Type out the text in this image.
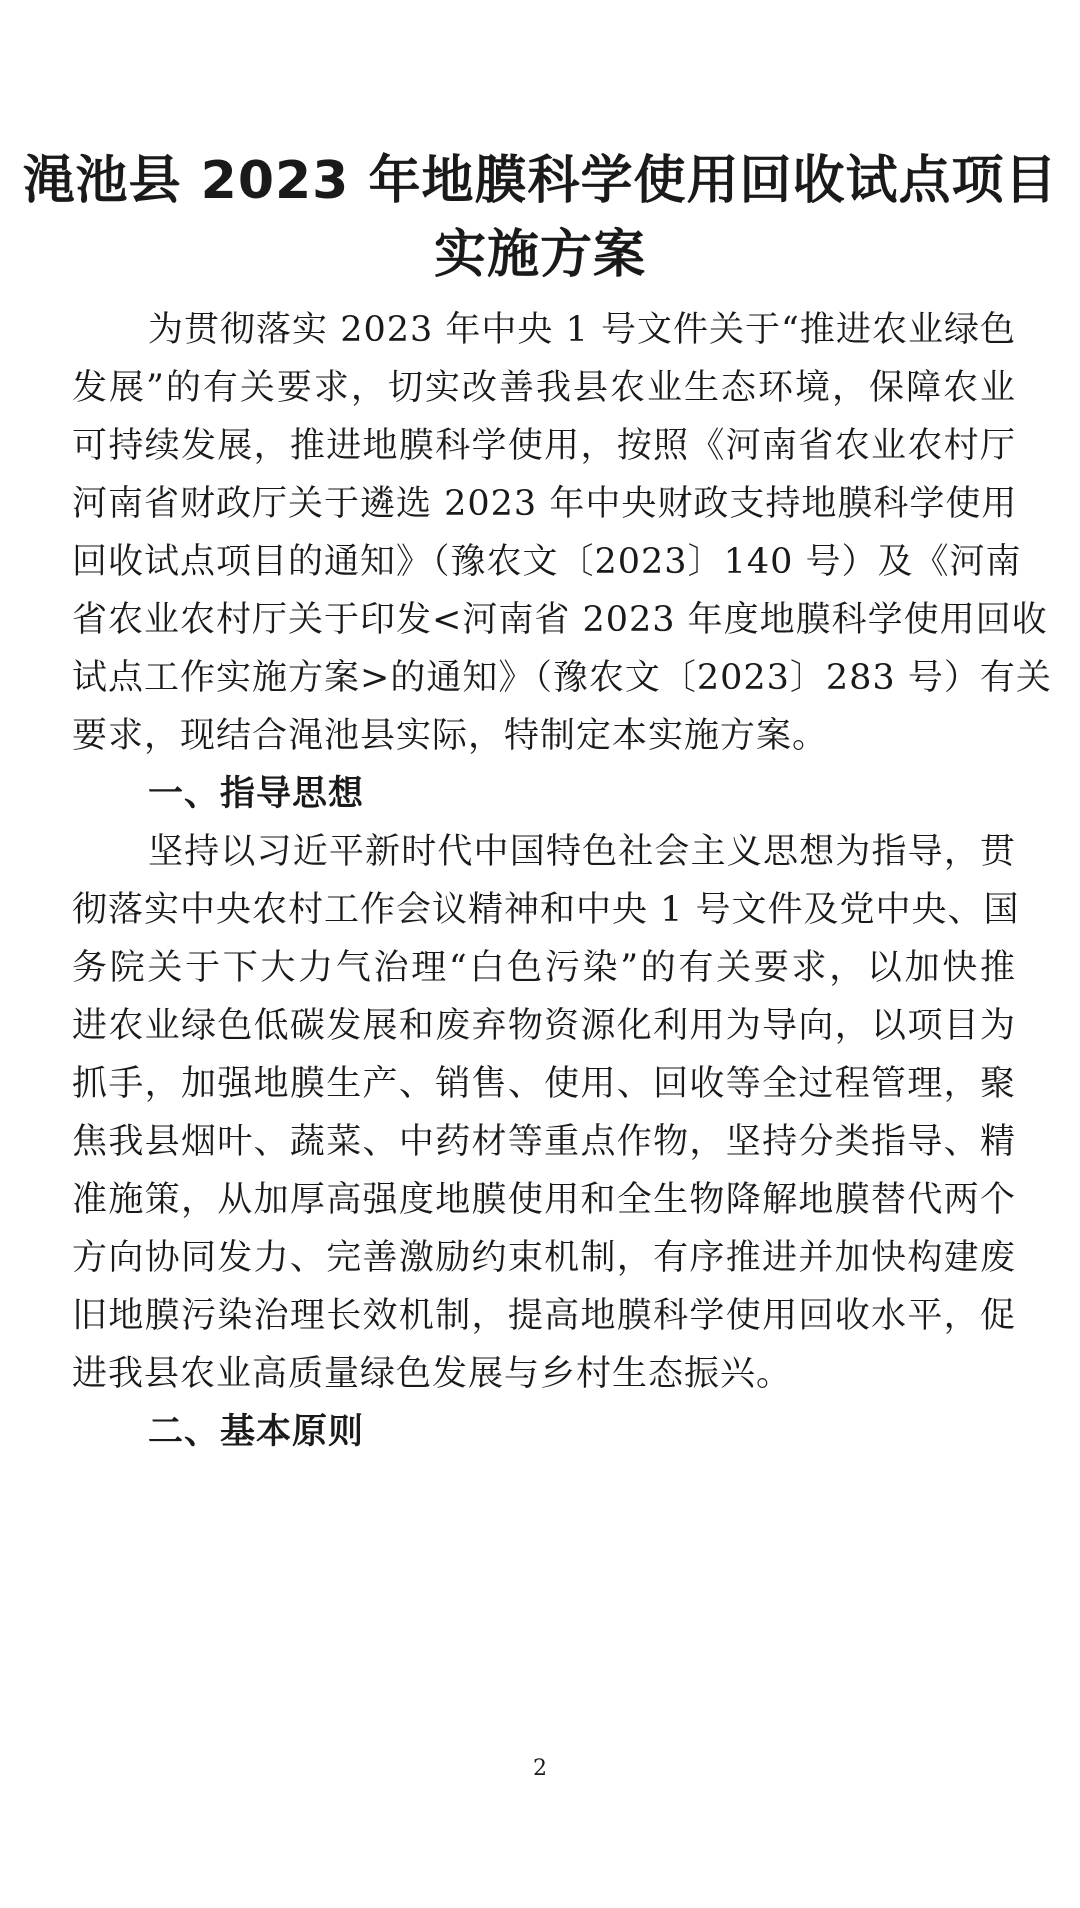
渑池县 2023 年地膜科学使用回收试点项目
实施方案
为贯彻落实 2023 年中央 1 号文件关于“推进农业绿色
发展”的有关要求，切实改善我县农业生态环境，保障农业
可持续发展，推进地膜科学使用，按照《河南省农业农村厅
河南省财政厅关于遴选 2023 年中央财政支持地膜科学使用
回收试点项目的通知》（豫农文〔2023〕140 号）及《河南
省农业农村厅关于印发<河南省 2023 年度地膜科学使用回收
试点工作实施方案>的通知》（豫农文〔2023〕283 号）有关
要求，现结合渑池县实际，特制定本实施方案。
一、指导思想
坚持以习近平新时代中国特色社会主义思想为指导，贯
彻落实中央农村工作会议精神和中央 1 号文件及党中央、国
务院关于下大力气治理“白色污染”的有关要求，以加快推
进农业绿色低碳发展和废弃物资源化利用为导向，以项目为
抓手，加强地膜生产、销售、使用、回收等全过程管理，聚
焦我县烟叶、蔬菜、中药材等重点作物，坚持分类指导、精
准施策，从加厚高强度地膜使用和全生物降解地膜替代两个
方向协同发力、完善激励约束机制，有序推进并加快构建废
旧地膜污染治理长效机制，提高地膜科学使用回收水平，促
进我县农业高质量绿色发展与乡村生态振兴。
二、基本原则
2
